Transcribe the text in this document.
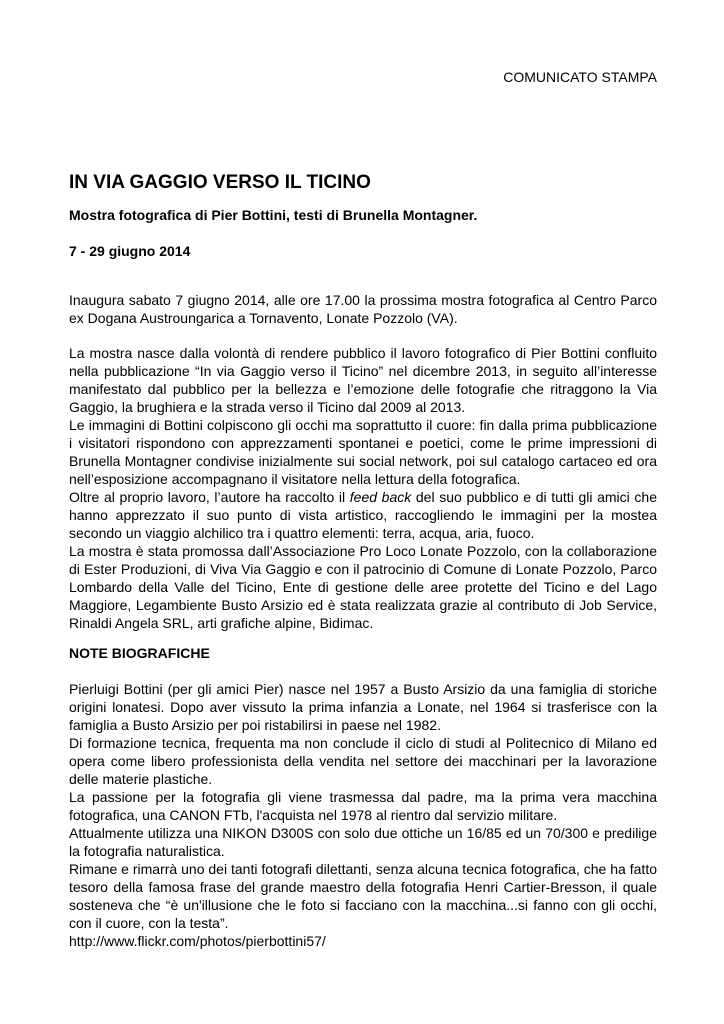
COMUNICATO STAMPA
IN VIA GAGGIO VERSO IL TICINO
Mostra fotografica di Pier Bottini, testi di Brunella Montagner.
7 - 29 giugno 2014

Inaugura sabato 7 giugno 2014, alle ore 17.00 la prossima mostra fotografica al Centro Parco ex Dogana Austroungarica a Tornavento, Lonate Pozzolo (VA).

La mostra nasce dalla volontà di rendere pubblico il lavoro fotografico di Pier Bottini confluito nella pubblicazione “In via Gaggio verso il Ticino” nel dicembre 2013, in seguito all’interesse manifestato dal pubblico per la bellezza e l’emozione delle fotografie che ritraggono la Via Gaggio, la brughiera e la strada verso il Ticino dal 2009 al 2013.

Le immagini di Bottini colpiscono gli occhi ma soprattutto il cuore: fin dalla prima pubblicazione i visitatori rispondono con apprezzamenti spontanei e poetici, come le prime impressioni di Brunella Montagner condivise inizialmente sui social network, poi sul catalogo cartaceo ed ora nell’esposizione accompagnano il visitatore nella lettura della fotografica.

Oltre al proprio lavoro, l’autore ha raccolto il feed back del suo pubblico e di tutti gli amici che hanno apprezzato il suo punto di vista artistico, raccogliendo le immagini per la mostea secondo un viaggio alchilico tra i quattro elementi: terra, acqua, aria, fuoco.

La mostra è stata promossa dall’Associazione Pro Loco Lonate Pozzolo, con la collaborazione di Ester Produzioni, di Viva Via Gaggio e con il patrocinio di Comune di Lonate Pozzolo, Parco Lombardo della Valle del Ticino, Ente di gestione delle aree protette del Ticino e del Lago Maggiore, Legambiente Busto Arsizio ed è stata realizzata grazie al contributo di Job Service, Rinaldi Angela SRL, arti grafiche alpine, Bidimac.

NOTE BIOGRAFICHE

Pierluigi Bottini (per gli amici Pier) nasce nel 1957 a Busto Arsizio da una famiglia di storiche origini lonatesi. Dopo aver vissuto la prima infanzia a Lonate, nel 1964 si trasferisce con la famiglia a Busto Arsizio per poi ristabilirsi in paese nel 1982.

Di formazione tecnica, frequenta ma non conclude il ciclo di studi al Politecnico di Milano ed opera come libero professionista della vendita nel settore dei macchinari per la lavorazione delle materie plastiche.

La passione per la fotografia gli viene trasmessa dal padre, ma la prima vera macchina fotografica, una CANON FTb, l'acquista nel 1978 al rientro dal servizio militare.

Attualmente utilizza una NIKON D300S con solo due ottiche un 16/85 ed un 70/300 e predilige la fotografia naturalistica.

Rimane e rimarrà uno dei tanti fotografi dilettanti, senza alcuna tecnica fotografica, che ha fatto tesoro della famosa frase del grande maestro della fotografia Henri Cartier-Bresson, il quale sosteneva che “è un'illusione che le foto si facciano con la macchina...si fanno con gli occhi, con il cuore, con la testa”.

http://www.flickr.com/photos/pierbottini57/
